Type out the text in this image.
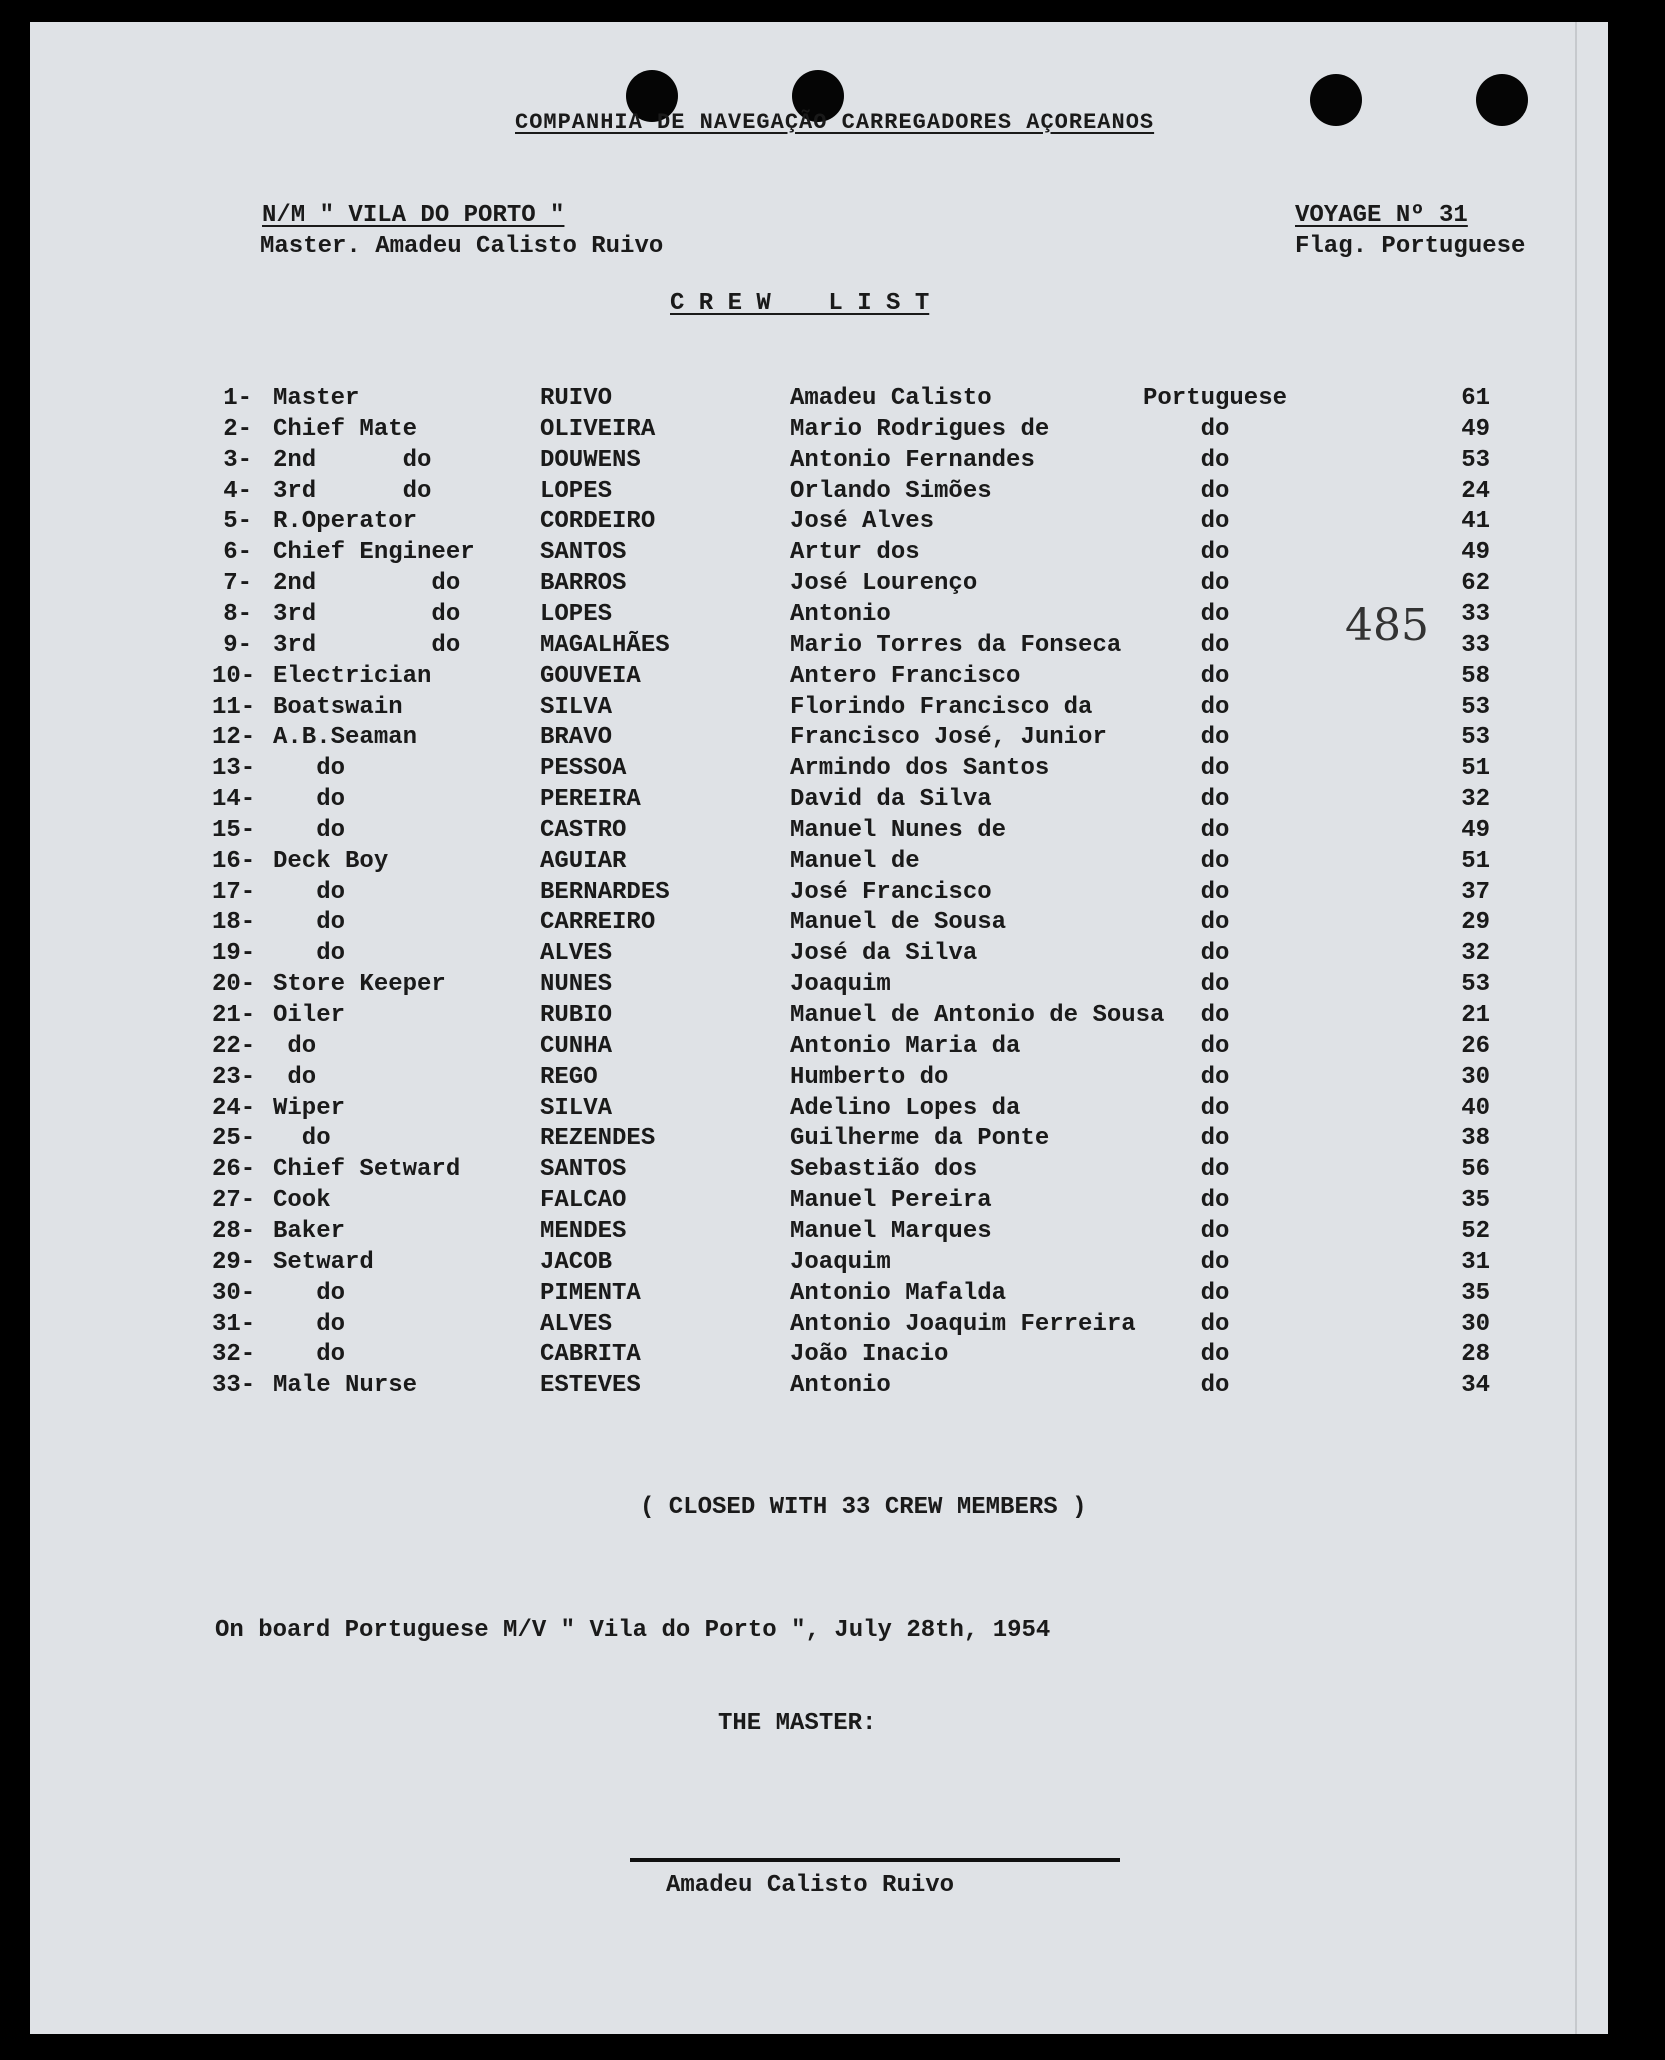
COMPANHIA DE NAVEGAÇÃO CARREGADORES AÇOREANOS
N/M " VILA DO PORTO "
Master. Amadeu Calisto Ruivo
VOYAGE Nº 31
Flag. Portuguese
C R E W    L I S T
1- Master	RUIVO	Amadeu Calisto	Portuguese	61
2- Chief Mate	OLIVEIRA	Mario Rodrigues de	do	49
3- 2nd      do	DOUWENS	Antonio Fernandes	do	53
4- 3rd      do	LOPES	Orlando Simões	do	24
5- R.Operator	CORDEIRO	José Alves	do	41
6- Chief Engineer	SANTOS	Artur dos	do	49
7- 2nd        do	BARROS	José Lourenço	do	62
8- 3rd        do	LOPES	Antonio	do	33
9- 3rd        do	MAGALHÃES	Mario Torres da Fonseca	do	33
10- Electrician	GOUVEIA	Antero Francisco	do	58
11- Boatswain	SILVA	Florindo Francisco da	do	53
12- A.B.Seaman	BRAVO	Francisco José, Junior	do	53
13- do	PESSOA	Armindo dos Santos	do	51
14- do	PEREIRA	David da Silva	do	32
15- do	CASTRO	Manuel Nunes de	do	49
16- Deck Boy	AGUIAR	Manuel de	do	51
17- do	BERNARDES	José Francisco	do	37
18- do	CARREIRO	Manuel de Sousa	do	29
19- do	ALVES	José da Silva	do	32
20- Store Keeper	NUNES	Joaquim	do	53
21- Oiler	RUBIO	Manuel de Antonio de Sousa	do	21
22- do	CUNHA	Antonio Maria da	do	26
23- do	REGO	Humberto do	do	30
24- Wiper	SILVA	Adelino Lopes da	do	40
25- do	REZENDES	Guilherme da Ponte	do	38
26- Chief Setward	SANTOS	Sebastião dos	do	56
27- Cook	FALCAO	Manuel Pereira	do	35
28- Baker	MENDES	Manuel Marques	do	52
29- Setward	JACOB	Joaquim	do	31
30- do	PIMENTA	Antonio Mafalda	do	35
31- do	ALVES	Antonio Joaquim Ferreira	do	30
32- do	CABRITA	João Inacio	do	28
33- Male Nurse	ESTEVES	Antonio	do	34
485
( CLOSED WITH 33 CREW MEMBERS )
On board Portuguese M/V " Vila do Porto ", July 28th, 1954
THE MASTER:
Amadeu Calisto Ruivo
